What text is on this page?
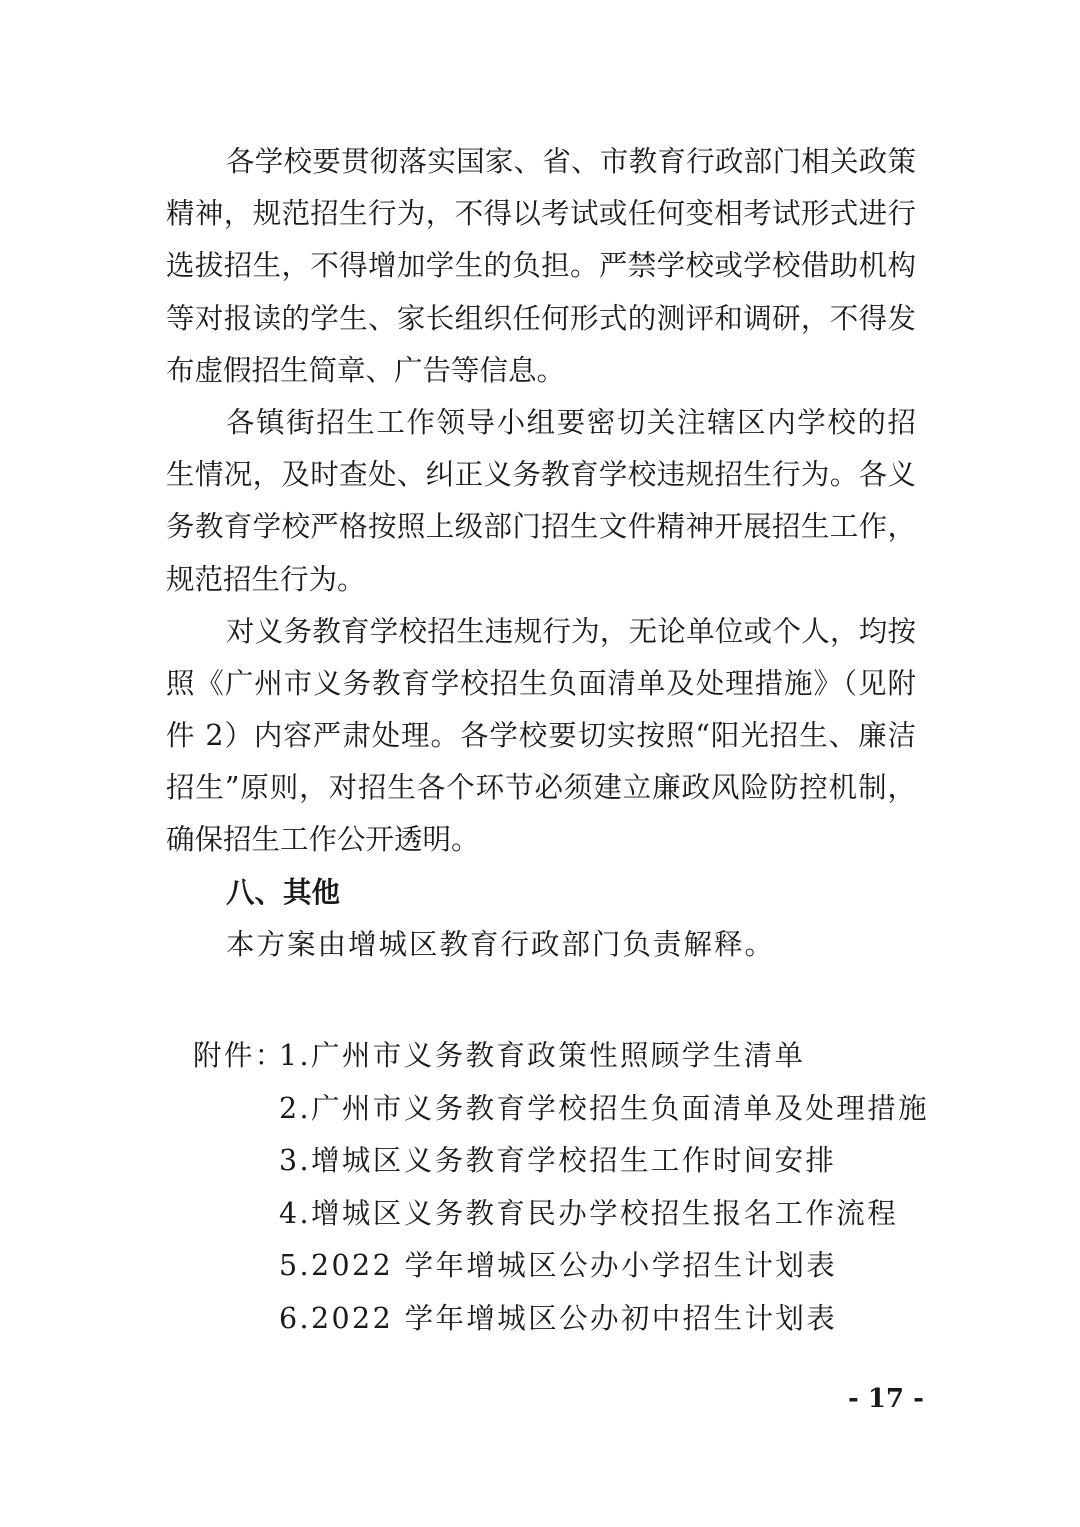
各学校要贯彻落实国家、省、市教育行政部门相关政策
精神，规范招生行为，不得以考试或任何变相考试形式进行
选拔招生，不得增加学生的负担。严禁学校或学校借助机构
等对报读的学生、家长组织任何形式的测评和调研，不得发
布虚假招生简章、广告等信息。
各镇街招生工作领导小组要密切关注辖区内学校的招
生情况，及时查处、纠正义务教育学校违规招生行为。各义
务教育学校严格按照上级部门招生文件精神开展招生工作，
规范招生行为。
对义务教育学校招生违规行为，无论单位或个人，均按
照《广州市义务教育学校招生负面清单及处理措施》（见附
件 2）内容严肃处理。各学校要切实按照“阳光招生、廉洁
招生”原则，对招生各个环节必须建立廉政风险防控机制，
确保招生工作公开透明。
八、其他
本方案由增城区教育行政部门负责解释。
附件：1.广州市义务教育政策性照顾学生清单
2.广州市义务教育学校招生负面清单及处理措施
3.增城区义务教育学校招生工作时间安排
4.增城区义务教育民办学校招生报名工作流程
5.2022 学年增城区公办小学招生计划表
6.2022 学年增城区公办初中招生计划表
- 17 -
